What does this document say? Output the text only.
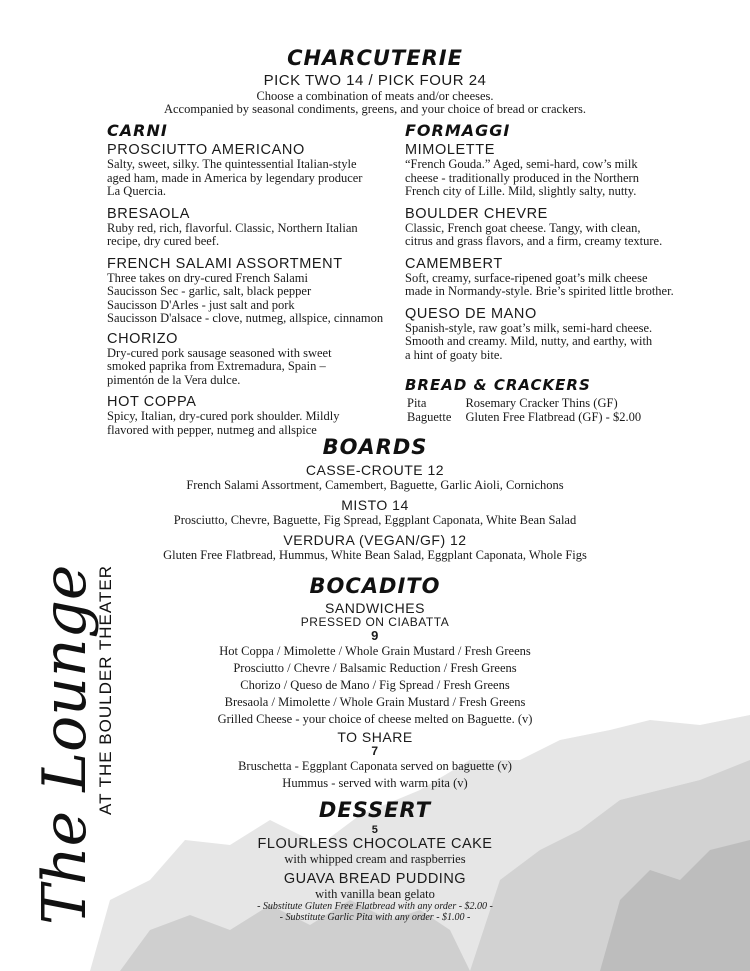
CHARCUTERIE
PICK TWO 14 / PICK FOUR 24
Choose a combination of meats and/or cheeses.
Accompanied by seasonal condiments, greens, and your choice of bread or crackers.
CARNI
PROSCIUTTO AMERICANO
Salty, sweet, silky. The quintessential Italian-style
aged ham, made in America by legendary producer
La Quercia.
BRESAOLA
Ruby red, rich, flavorful. Classic, Northern Italian
recipe, dry cured beef.
FRENCH SALAMI ASSORTMENT
Three takes on dry-cured French Salami
Saucisson Sec - garlic, salt, black pepper
Saucisson D'Arles - just salt and pork
Saucisson D'alsace - clove, nutmeg, allspice, cinnamon
CHORIZO
Dry-cured pork sausage seasoned with sweet
smoked paprika from Extremadura, Spain –
pimentón de la Vera dulce.
HOT COPPA
Spicy, Italian, dry-cured pork shoulder. Mildly
flavored with pepper, nutmeg and allspice
FORMAGGI
MIMOLETTE
“French Gouda.” Aged, semi-hard, cow’s milk
cheese - traditionally produced in the Northern
French city of Lille. Mild, slightly salty, nutty.
BOULDER CHEVRE
Classic, French goat cheese. Tangy, with clean,
citrus and grass flavors, and a firm, creamy texture.
CAMEMBERT
Soft, creamy, surface-ripened goat’s milk cheese
made in Normandy-style. Brie’s spirited little brother.
QUESO DE MANO
Spanish-style, raw goat’s milk, semi-hard cheese.
Smooth and creamy. Mild, nutty, and earthy, with
a hint of goaty bite.
BREAD & CRACKERS
Pita	Rosemary Cracker Thins (GF)
Baguette	Gluten Free Flatbread (GF) - $2.00
BOARDS
CASSE-CROUTE 12
French Salami Assortment, Camembert, Baguette, Garlic Aioli, Cornichons
MISTO 14
Prosciutto, Chevre, Baguette, Fig Spread, Eggplant Caponata, White Bean Salad
VERDURA (VEGAN/GF) 12
Gluten Free Flatbread, Hummus, White Bean Salad, Eggplant Caponata, Whole Figs
BOCADITO
SANDWICHES
PRESSED ON CIABATTA
9
Hot Coppa / Mimolette / Whole Grain Mustard / Fresh Greens
Prosciutto / Chevre / Balsamic Reduction / Fresh Greens
Chorizo / Queso de Mano / Fig Spread / Fresh Greens
Bresaola / Mimolette / Whole Grain Mustard / Fresh Greens
Grilled Cheese - your choice of cheese melted on Baguette. (v)
TO SHARE
7
Bruschetta - Eggplant Caponata served on baguette (v)
Hummus - served with warm pita (v)
DESSERT
5
FLOURLESS CHOCOLATE CAKE
with whipped cream and raspberries
GUAVA BREAD PUDDING
with vanilla bean gelato
- Substitute Gluten Free Flatbread with any order - $2.00 -
- Substitute Garlic Pita with any order - $1.00 -
The Lounge
AT THE BOULDER THEATER
